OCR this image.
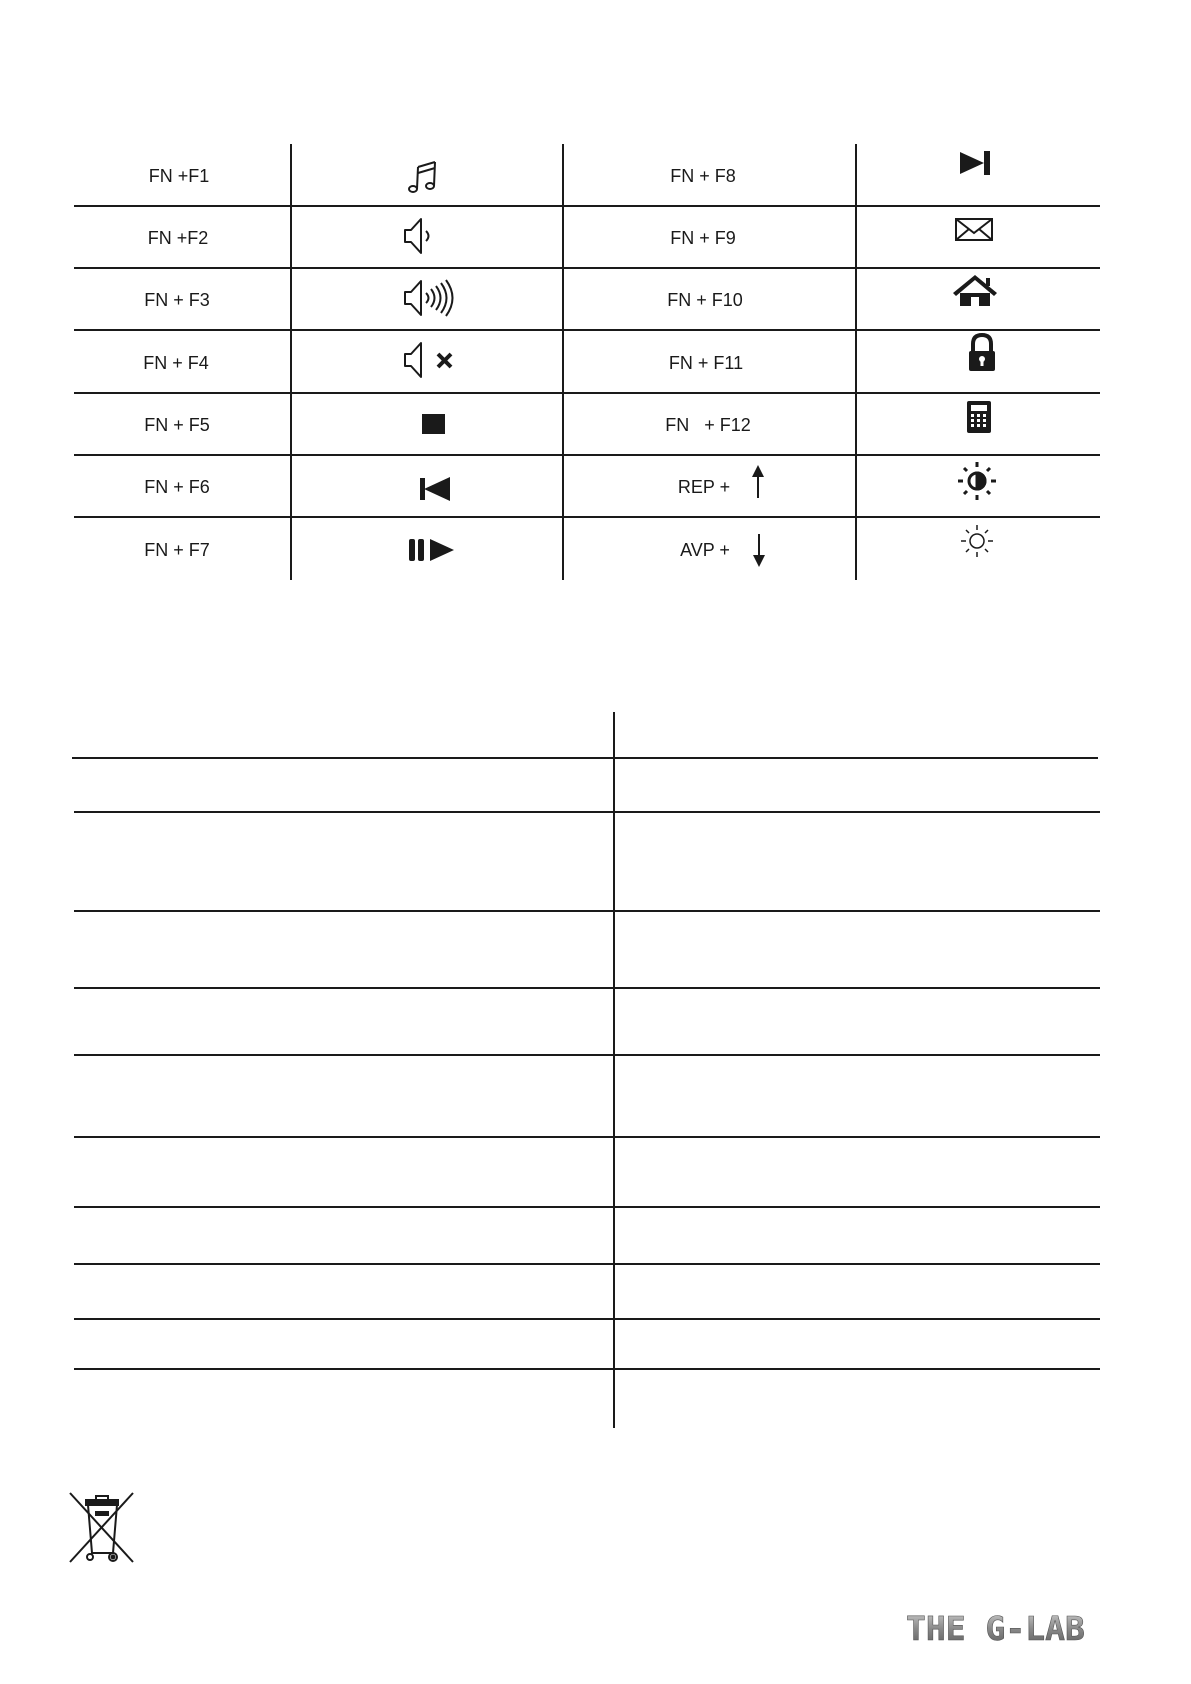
FN +F1
FN +F2
FN + F3
FN + F4
FN + F5
FN + F6
FN + F7
FN + F8
FN + F9
FN + F10
FN + F11
FN   + F12
REP +
AVP +
THE G-LAB
